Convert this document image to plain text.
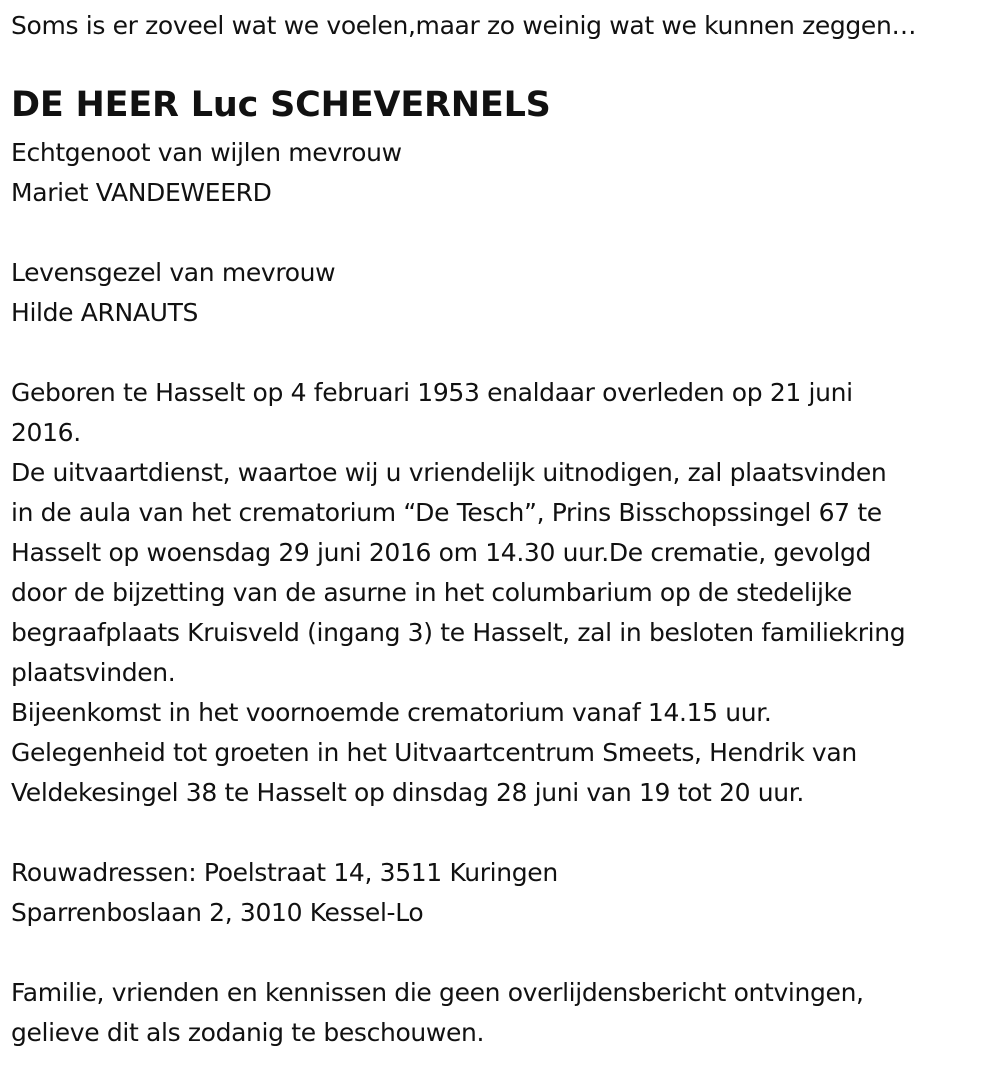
Soms is er zoveel wat we voelen,maar zo weinig wat we kunnen zeggen…
DE HEER Luc SCHEVERNELS
Echtgenoot van wijlen mevrouw
Mariet VANDEWEERD
Levensgezel van mevrouw
Hilde ARNAUTS
Geboren te Hasselt op 4 februari 1953 enaldaar overleden op 21 juni
2016.
De uitvaartdienst, waartoe wij u vriendelijk uitnodigen, zal plaatsvinden
in de aula van het crematorium “De Tesch”, Prins Bisschopssingel 67 te
Hasselt op woensdag 29 juni 2016 om 14.30 uur.De crematie, gevolgd
door de bijzetting van de asurne in het columbarium op de stedelijke
begraafplaats Kruisveld (ingang 3) te Hasselt, zal in besloten familiekring
plaatsvinden.
Bijeenkomst in het voornoemde crematorium vanaf 14.15 uur.
Gelegenheid tot groeten in het Uitvaartcentrum Smeets, Hendrik van
Veldekesingel 38 te Hasselt op dinsdag 28 juni van 19 tot 20 uur.
Rouwadressen: Poelstraat 14, 3511 Kuringen
Sparrenboslaan 2, 3010 Kessel-Lo
Familie, vrienden en kennissen die geen overlijdensbericht ontvingen,
gelieve dit als zodanig te beschouwen.
